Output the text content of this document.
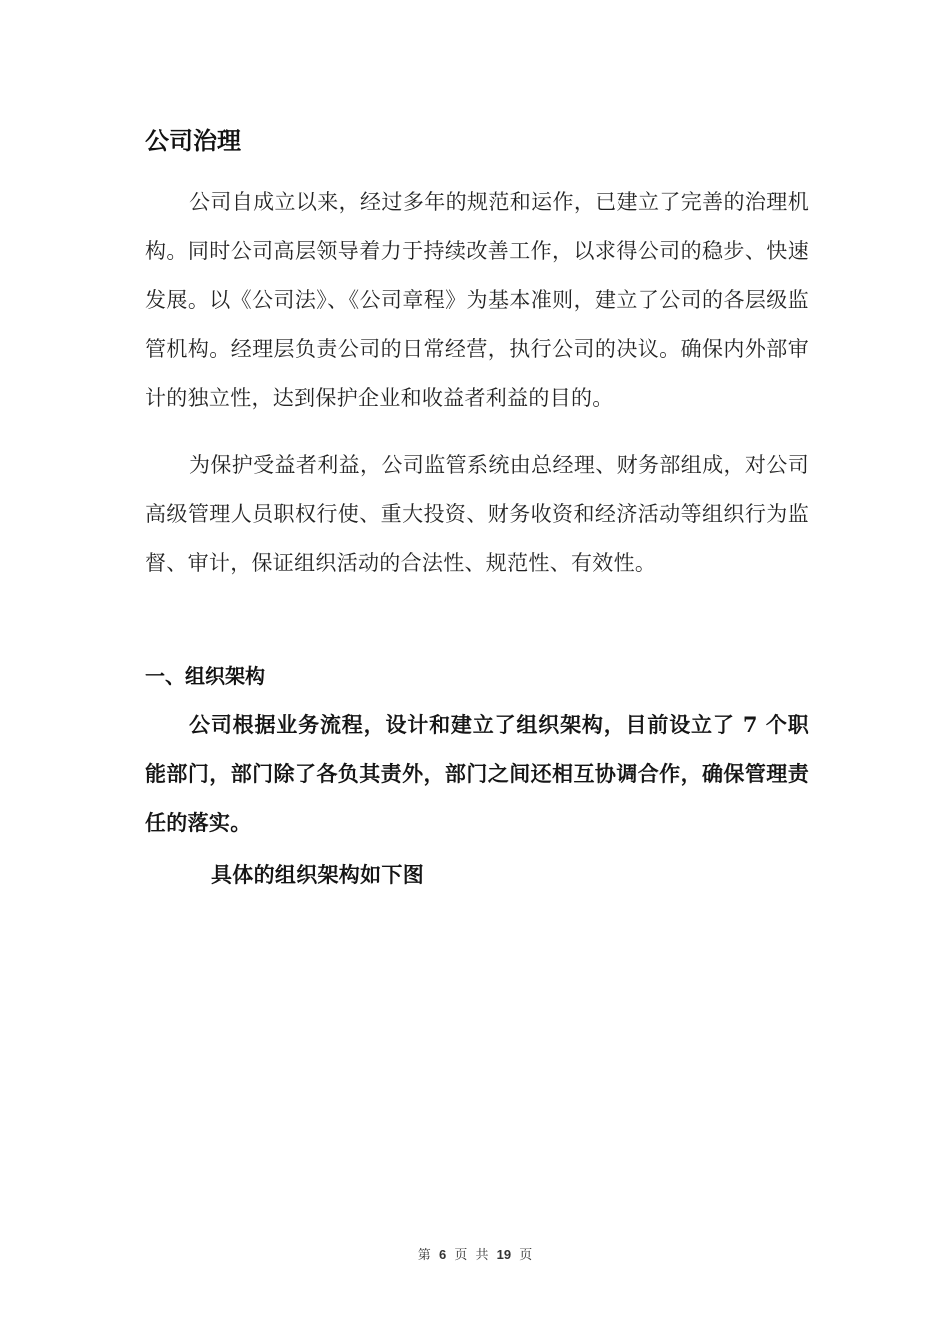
公司治理

公司自成立以来，经过多年的规范和运作，已建立了完善的治理机构。同时公司高层领导着力于持续改善工作，以求得公司的稳步、快速发展。以《公司法》、《公司章程》为基本准则，建立了公司的各层级监管机构。经理层负责公司的日常经营，执行公司的决议。确保内外部审计的独立性，达到保护企业和收益者利益的目的。

为保护受益者利益，公司监管系统由总经理、财务部组成，对公司高级管理人员职权行使、重大投资、财务收资和经济活动等组织行为监督、审计，保证组织活动的合法性、规范性、有效性。

一、组织架构

公司根据业务流程，设计和建立了组织架构，目前设立了 7 个职能部门，部门除了各负其责外，部门之间还相互协调合作，确保管理责任的落实。

具体的组织架构如下图

第 6 页 共 19 页
